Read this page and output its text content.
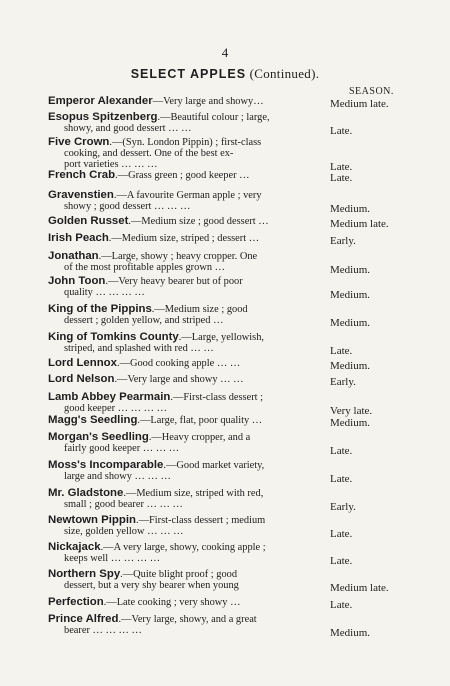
4
SELECT APPLES (Continued).
SEASON.
Emperor Alexander—Very large and showy…	Medium late.
Esopus Spitzenberg.—Beautiful colour ; large,
showy, and good dessert … …	Late.
Five Crown.—(Syn. London Pippin) ; first-class
cooking, and dessert. One of the best ex-
port varieties … … …	Late.
French Crab.—Grass green ; good keeper …	Late.
Gravenstien.—A favourite German apple ; very
showy ; good dessert … … …	Medium.
Golden Russet.—Medium size ; good dessert …	Medium late.
Irish Peach.—Medium size, striped ; dessert …	Early.
Jonathan.—Large, showy ; heavy cropper. One
of the most profitable apples grown …	Medium.
John Toon.—Very heavy bearer but of poor
quality … … … …	Medium.
King of the Pippins.—Medium size ; good
dessert ; golden yellow, and striped …	Medium.
King of Tomkins County.—Large, yellowish,
striped, and splashed with red … …	Late.
Lord Lennox.—Good cooking apple … …	Medium.
Lord Nelson.—Very large and showy … …	Early.
Lamb Abbey Pearmain.—First-class dessert ;
good keeper … … … …	Very late.
Magg's Seedling.—Large, flat, poor quality …	Medium.
Morgan's Seedling.—Heavy cropper, and a
fairly good keeper … … …	Late.
Moss's Incomparable.—Good market variety,
large and showy … … …	Late.
Mr. Gladstone.—Medium size, striped with red,
small ; good bearer … … …	Early.
Newtown Pippin.—First-class dessert ; medium
size, golden yellow … … …	Late.
Nickajack.—A very large, showy, cooking apple ;
keeps well … … … …	Late.
Northern Spy.—Quite blight proof ; good
dessert, but a very shy bearer when young	Medium late.
Perfection.—Late cooking ; very showy …	Late.
Prince Alfred.—Very large, showy, and a great
bearer … … … …	Medium.
